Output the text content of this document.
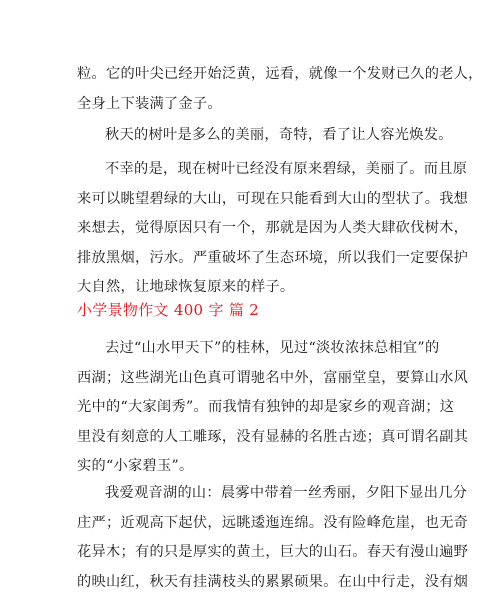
粒。它的叶尖已经开始泛黄，远看，就像一个发财已久的老人，
全身上下装满了金子。

秋天的树叶是多么的美丽，奇特，看了让人容光焕发。

不幸的是，现在树叶已经没有原来碧绿，美丽了。而且原
来可以眺望碧绿的大山，可现在只能看到大山的型状了。我想
来想去，觉得原因只有一个，那就是因为人类大肆砍伐树木，
排放黑烟，污水。严重破坏了生态环境，所以我们一定要保护
大自然，让地球恢复原来的样子。

小学景物作文 400 字 篇 2

去过“山水甲天下”的桂林，见过“淡妆浓抹总相宜”的
西湖；这些湖光山色真可谓驰名中外，富丽堂皇，要算山水风
光中的“大家闺秀”。而我情有独钟的却是家乡的观音湖；这
里没有刻意的人工雕琢，没有显赫的名胜古迹；真可谓名副其
实的“小家碧玉”。

我爱观音湖的山：晨雾中带着一丝秀丽，夕阳下显出几分
庄严；近观高下起伏，远眺逶迤连绵。没有险峰危崖，也无奇
花异木；有的只是厚实的黄土，巨大的山石。春天有漫山遍野
的映山红，秋天有挂满枝头的累累硕果。在山中行走，没有烟
